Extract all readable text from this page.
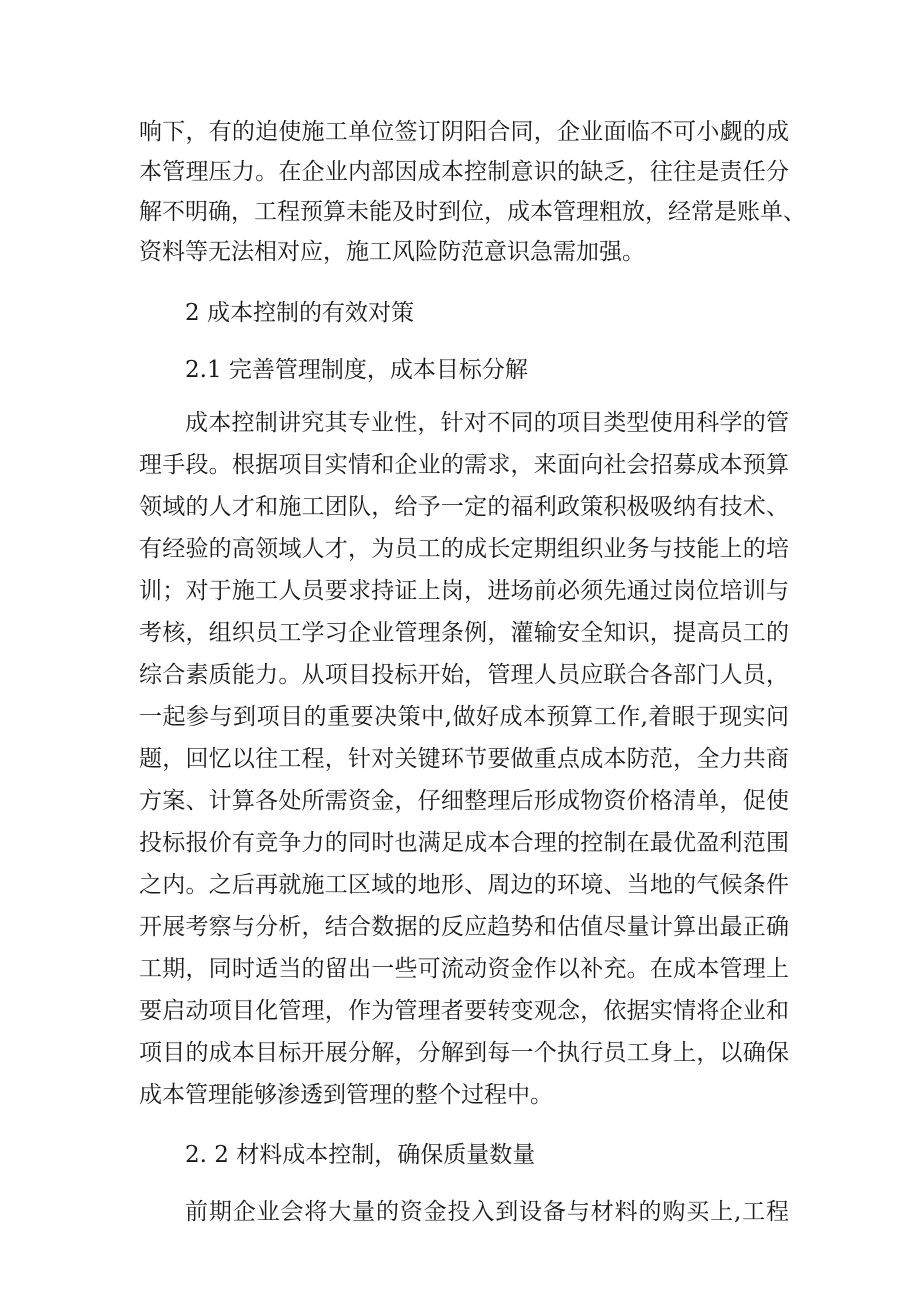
响下，有的迫使施工单位签订阴阳合同，企业面临不可小觑的成
本管理压力。在企业内部因成本控制意识的缺乏，往往是责任分
解不明确，工程预算未能及时到位，成本管理粗放，经常是账单、
资料等无法相对应，施工风险防范意识急需加强。
2 成本控制的有效对策
2.1 完善管理制度，成本目标分解
成本控制讲究其专业性，针对不同的项目类型使用科学的管
理手段。根据项目实情和企业的需求，来面向社会招募成本预算
领域的人才和施工团队，给予一定的福利政策积极吸纳有技术、
有经验的高领域人才，为员工的成长定期组织业务与技能上的培
训；对于施工人员要求持证上岗，进场前必须先通过岗位培训与
考核，组织员工学习企业管理条例，灌输安全知识，提高员工的
综合素质能力。从项目投标开始，管理人员应联合各部门人员，
一起参与到项目的重要决策中,做好成本预算工作,着眼于现实问
题，回忆以往工程，针对关键环节要做重点成本防范，全力共商
方案、计算各处所需资金，仔细整理后形成物资价格清单，促使
投标报价有竞争力的同时也满足成本合理的控制在最优盈利范围
之内。之后再就施工区域的地形、周边的环境、当地的气候条件
开展考察与分析，结合数据的反应趋势和估值尽量计算出最正确
工期，同时适当的留出一些可流动资金作以补充。在成本管理上
要启动项目化管理，作为管理者要转变观念，依据实情将企业和
项目的成本目标开展分解，分解到每一个执行员工身上，以确保
成本管理能够渗透到管理的整个过程中。
2. 2 材料成本控制，确保质量数量
前期企业会将大量的资金投入到设备与材料的购买上,工程
